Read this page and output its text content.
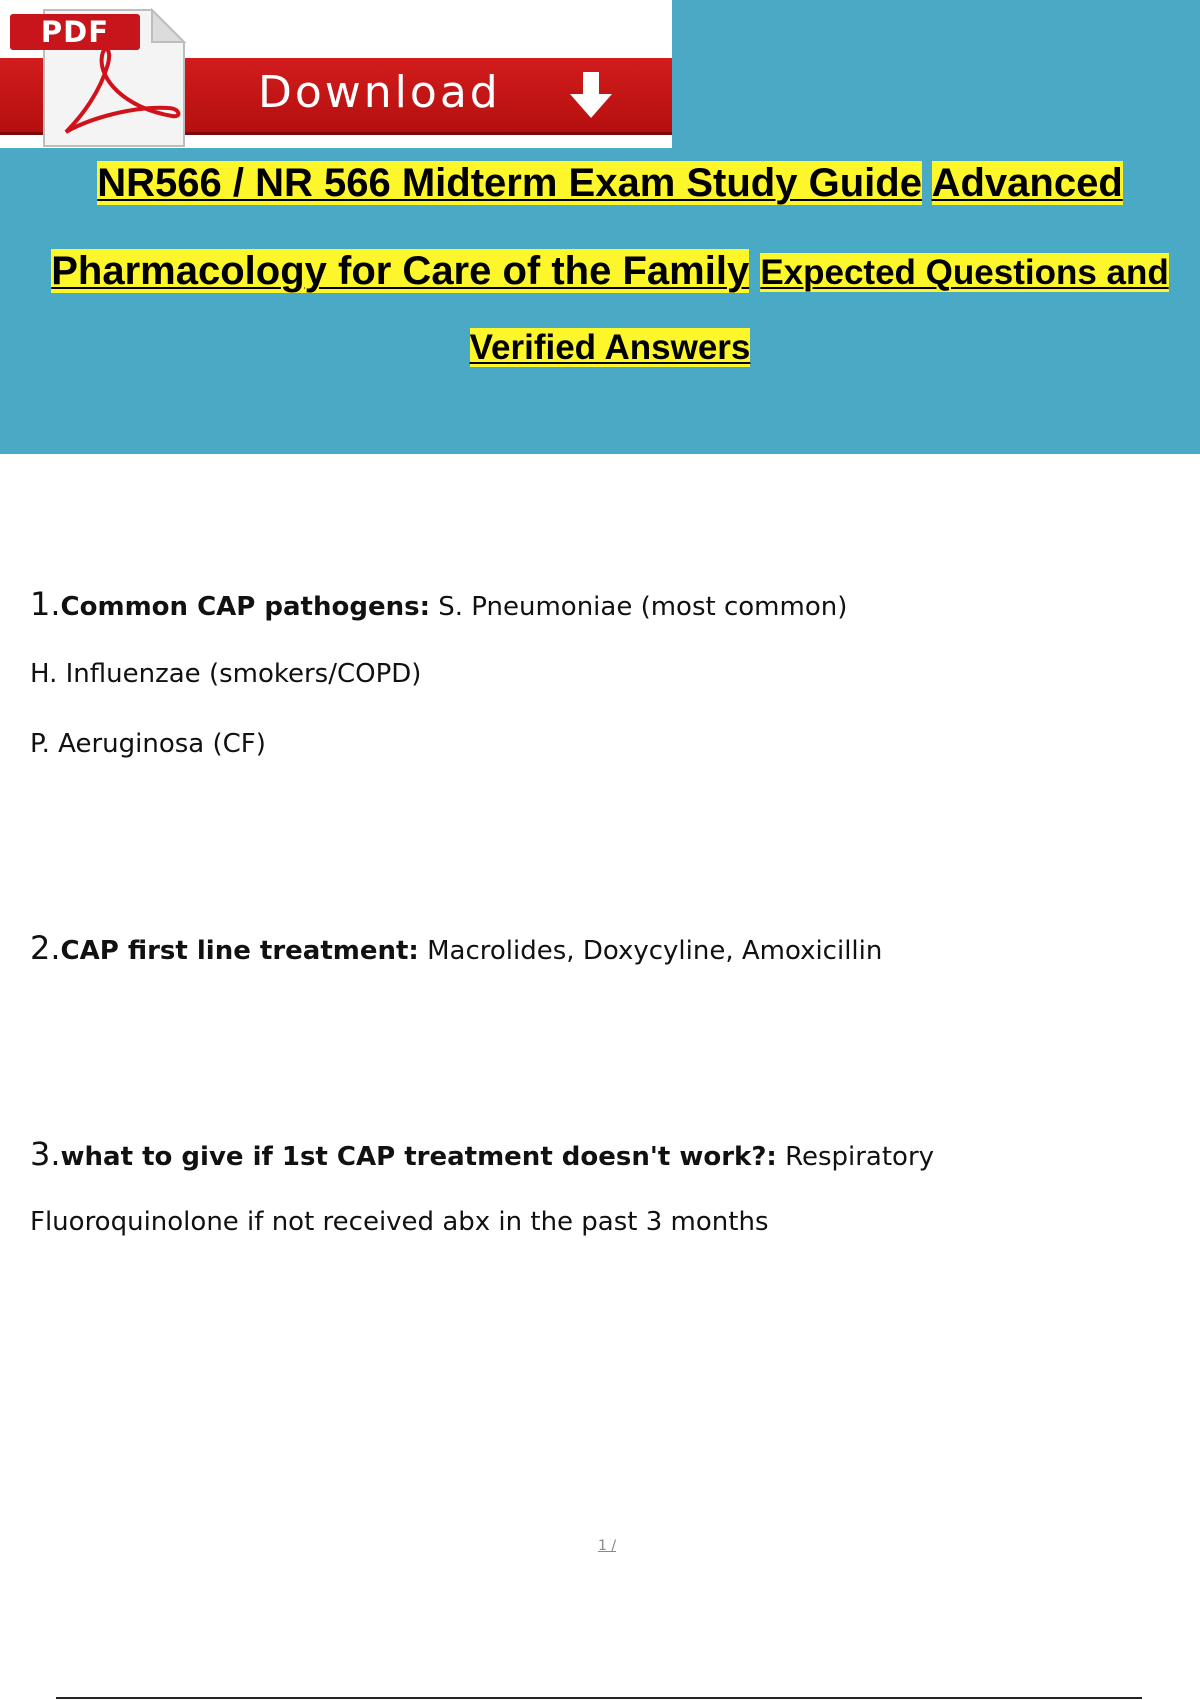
Download
PDF

NR566 / NR 566 Midterm Exam Study Guide Advanced

Pharmacology for Care of the Family Expected Questions and

Verified Answers

1.Common CAP pathogens: S. Pneumoniae (most common)
H. Influenzae (smokers/COPD)
P. Aeruginosa (CF)
2.CAP first line treatment: Macrolides, Doxycyline, Amoxicillin
3.what to give if 1st CAP treatment doesn't work?: Respiratory
Fluoroquinolone if not received abx in the past 3 months
1 /
